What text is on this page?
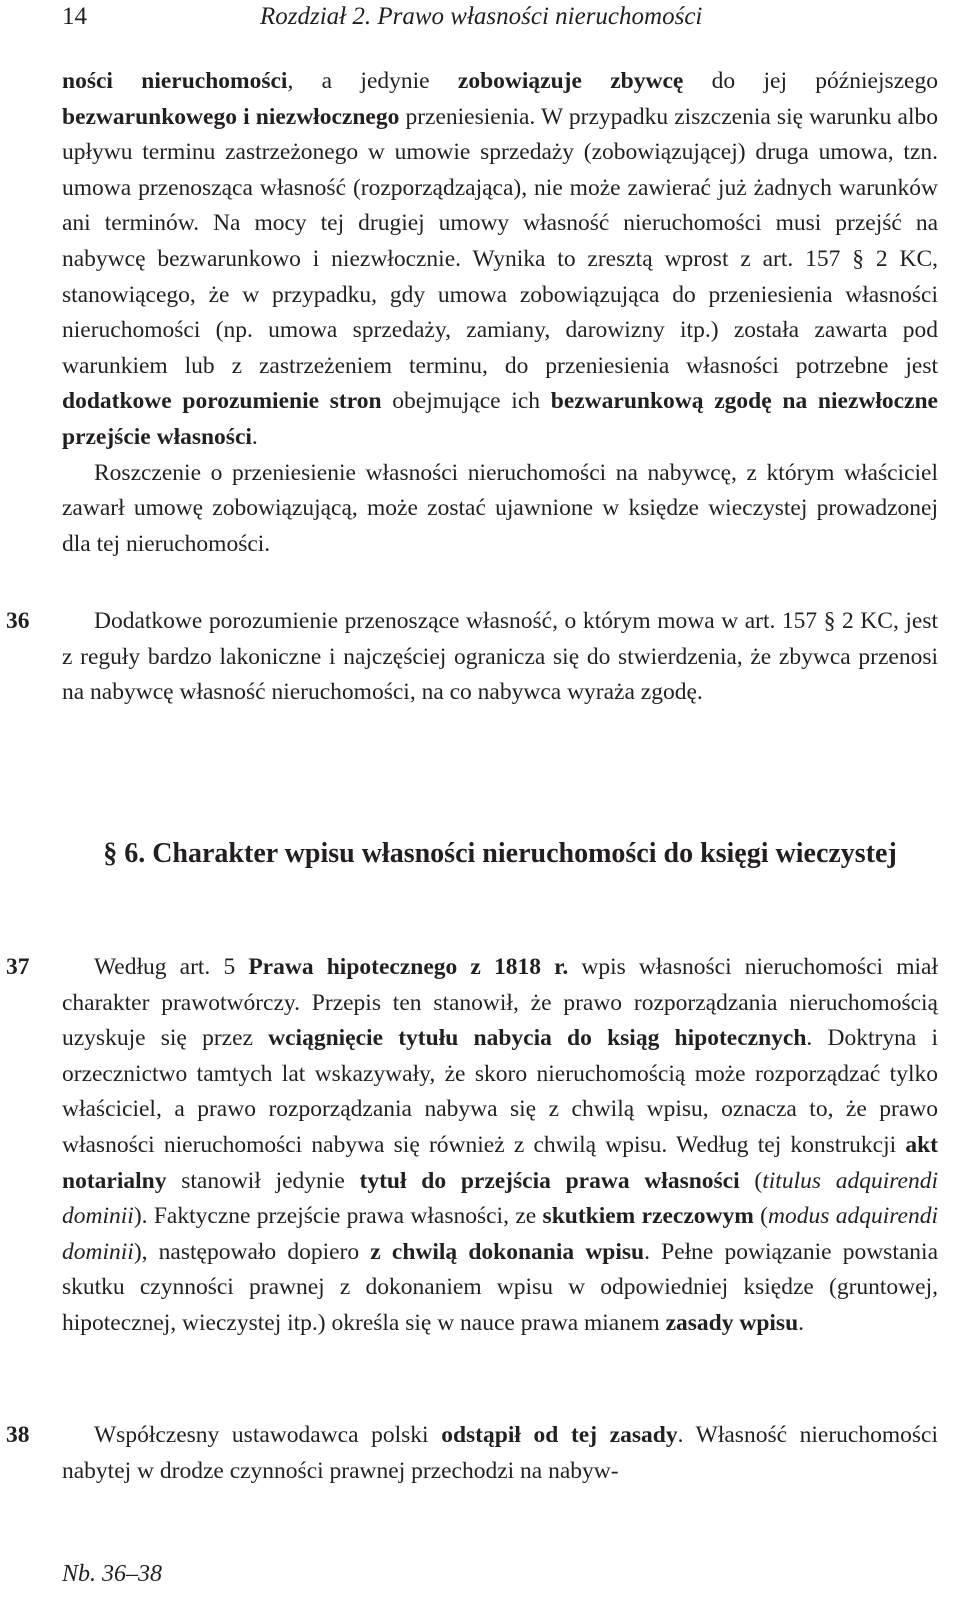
14	Rozdział 2. Prawo własności nieruchomości

ności nieruchomości, a jedynie zobowiązuje zbywcę do jej późniejszego bezwarunkowego i niezwłocznego przeniesienia. W przypadku ziszczenia się warunku albo upływu terminu zastrzeżonego w umowie sprzedaży (zobowiązującej) druga umowa, tzn. umowa przenosząca własność (rozporządzająca), nie może zawierać już żadnych warunków ani terminów. Na mocy tej drugiej umowy własność nieruchomości musi przejść na nabywcę bezwarunkowo i niezwłocznie. Wynika to zresztą wprost z art. 157 § 2 KC, stanowiącego, że w przypadku, gdy umowa zobowiązująca do przeniesienia własności nieruchomości (np. umowa sprzedaży, zamiany, darowizny itp.) została zawarta pod warunkiem lub z zastrzeżeniem terminu, do przeniesienia własności potrzebne jest dodatkowe porozumienie stron obejmujące ich bezwarunkową zgodę na niezwłoczne przejście własności.

Roszczenie o przeniesienie własności nieruchomości na nabywcę, z którym właściciel zawarł umowę zobowiązującą, może zostać ujawnione w księdze wieczystej prowadzonej dla tej nieruchomości.

36	Dodatkowe porozumienie przenoszące własność, o którym mowa w art. 157 § 2 KC, jest z reguły bardzo lakoniczne i najczęściej ogranicza się do stwierdzenia, że zbywca przenosi na nabywcę własność nieruchomości, na co nabywca wyraża zgodę.

§ 6. Charakter wpisu własności nieruchomości do księgi wieczystej
37	Według art. 5 Prawa hipotecznego z 1818 r. wpis własności nieruchomości miał charakter prawotwórczy. Przepis ten stanowił, że prawo rozporządzania nieruchomością uzyskuje się przez wciągnięcie tytułu nabycia do ksiąg hipotecznych. Doktryna i orzecznictwo tamtych lat wskazywały, że skoro nieruchomością może rozporządzać tylko właściciel, a prawo rozporządzania nabywa się z chwilą wpisu, oznacza to, że prawo własności nieruchomości nabywa się również z chwilą wpisu. Według tej konstrukcji akt notarialny stanowił jedynie tytuł do przejścia prawa własności (titulus adquirendi dominii). Faktyczne przejście prawa własności, ze skutkiem rzeczowym (modus adquirendi dominii), następowało dopiero z chwilą dokonania wpisu. Pełne powiązanie powstania skutku czynności prawnej z dokonaniem wpisu w odpowiedniej księdze (gruntowej, hipotecznej, wieczystej itp.) określa się w nauce prawa mianem zasady wpisu.

38	Współczesny ustawodawca polski odstąpił od tej zasady. Własność nieruchomości nabytej w drodze czynności prawnej przechodzi na nabyw-

Nb. 36–38
